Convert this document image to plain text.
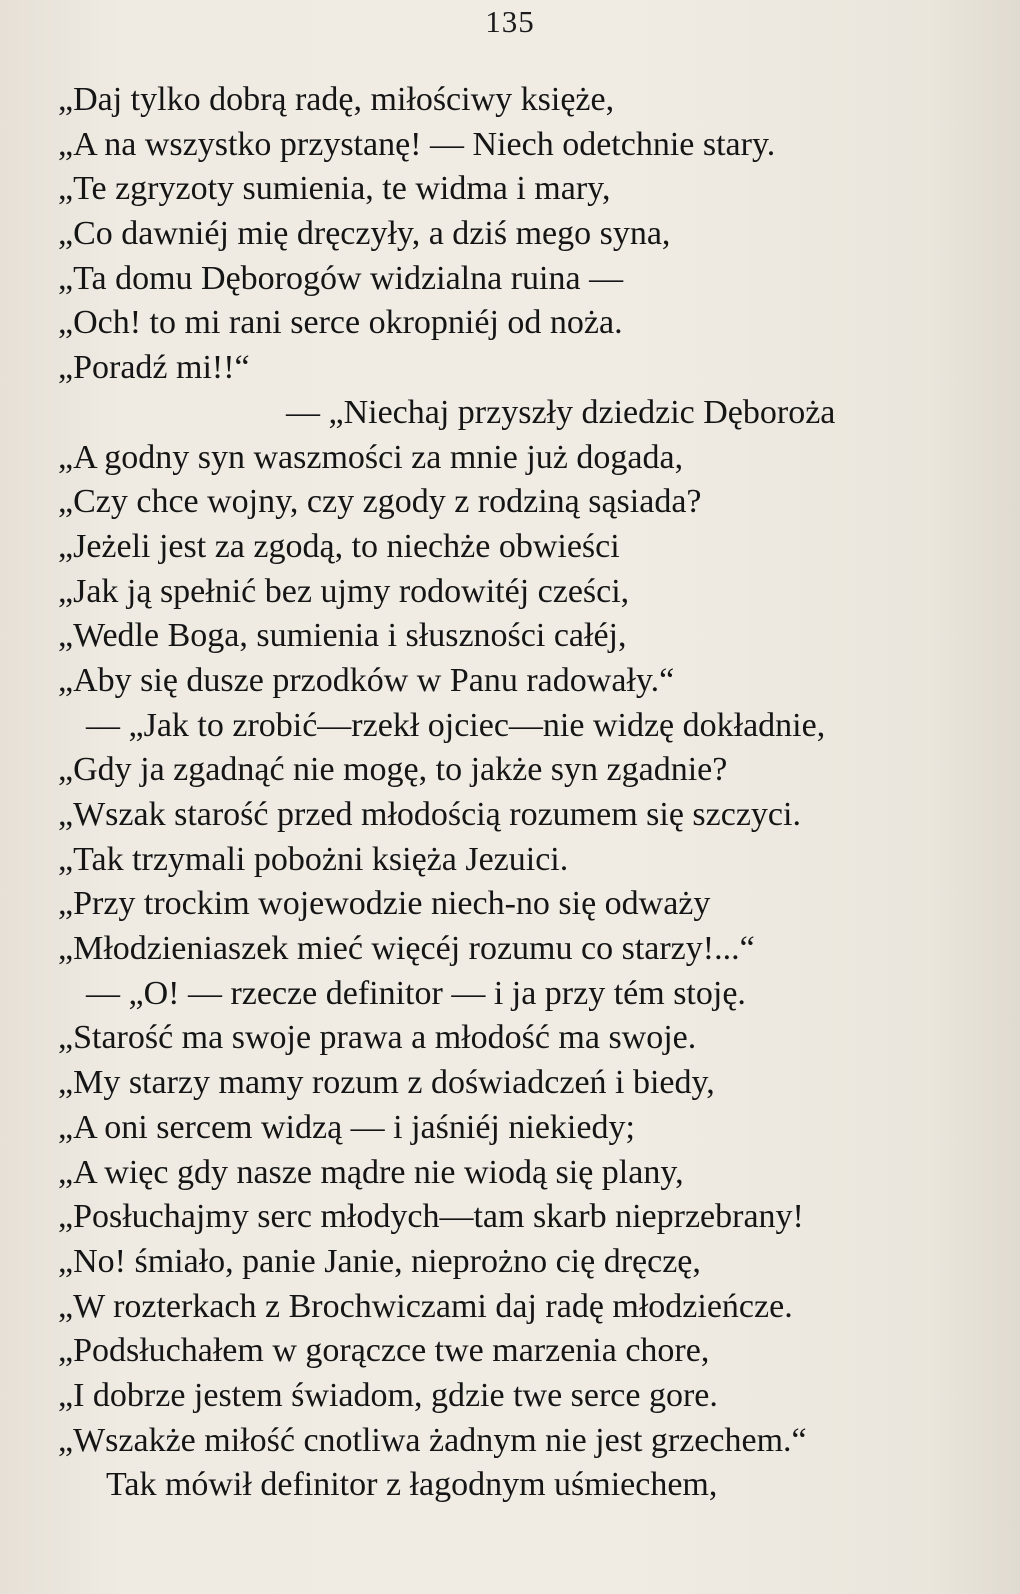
135
„Daj tylko dobrą radę, miłościwy księże,
„A na wszystko przystanę! — Niech odetchnie stary.
„Te zgryzoty sumienia, te widma i mary,
„Co dawniéj mię dręczyły, a dziś mego syna,
„Ta domu Dęborogów widzialna ruina —
„Och! to mi rani serce okropniéj od noża.
„Poradź mi!!“
— „Niechaj przyszły dziedzic Dęboroża
„A godny syn waszmości za mnie już dogada,
„Czy chce wojny, czy zgody z rodziną sąsiada?
„Jeżeli jest za zgodą, to niechże obwieści
„Jak ją spełnić bez ujmy rodowitéj cześci,
„Wedle Boga, sumienia i słuszności całéj,
„Aby się dusze przodków w Panu radowały.“
— „Jak to zrobić—rzekł ojciec—nie widzę dokładnie,
„Gdy ja zgadnąć nie mogę, to jakże syn zgadnie?
„Wszak starość przed młodością rozumem się szczyci.
„Tak trzymali pobożni księża Jezuici.
„Przy trockim wojewodzie niech-no się odważy
„Młodzieniaszek mieć więcéj rozumu co starzy!...“
— „O! — rzecze definitor — i ja przy tém stoję.
„Starość ma swoje prawa a młodość ma swoje.
„My starzy mamy rozum z doświadczeń i biedy,
„A oni sercem widzą — i jaśniéj niekiedy;
„A więc gdy nasze mądre nie wiodą się plany,
„Posłuchajmy serc młodych—tam skarb nieprzebrany!
„No! śmiało, panie Janie, nieprożno cię dręczę,
„W rozterkach z Brochwiczami daj radę młodzieńcze.
„Podsłuchałem w gorączce twe marzenia chore,
„I dobrze jestem świadom, gdzie twe serce gore.
„Wszakże miłość cnotliwa żadnym nie jest grzechem.“
Tak mówił definitor z łagodnym uśmiechem,
